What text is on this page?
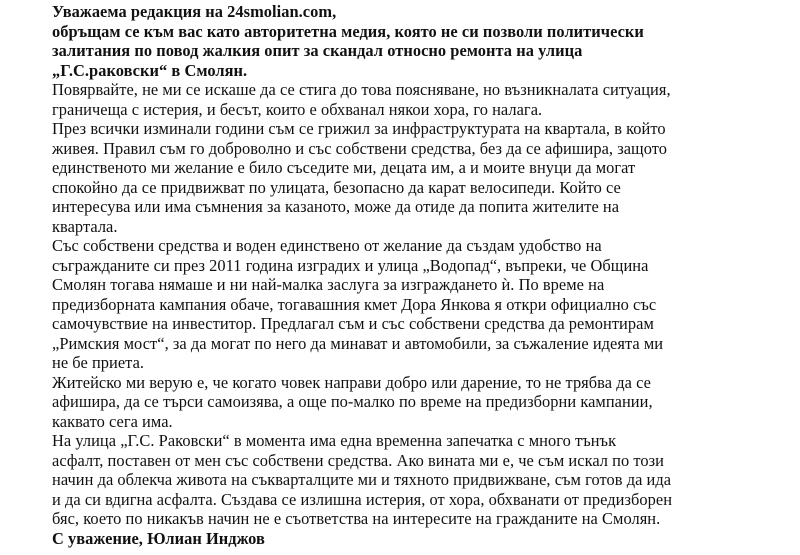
Уважаема редакция на 24smolian.com,
обръщам се към вас като авторитетна медия, която не си позволи политически
залитания по повод жалкия опит за скандал относно ремонта на улица
„Г.С.раковски“ в Смолян.
Повярвайте, не ми се искаше да се стига до това поясняване, но възникналата ситуация,
граничеща с истерия, и бесът, които е обхванал някои хора, го налага.
През всички изминали години съм се грижил за инфраструктурата на квартала, в който
живея. Правил съм го доброволно и със собствени средства, без да се афишира, защото
единственото ми желание е било съседите ми, децата им, а и моите внуци да могат
спокойно да се придвижват по улицата, безопасно да карат велосипеди. Който се
интересува или има съмнения за казаното, може да отиде да попита жителите на
квартала.
Със собствени средства и воден единствено от желание да създам удобство на
съгражданите си през 2011 година изградих и улица „Водопад“, въпреки, че Община
Смолян тогава нямаше и ни най-малка заслуга за изграждането ѝ. По време на
предизборната кампания обаче, тогавашния кмет Дора Янкова я откри официално със
самочувствие на инвеститор. Предлагал съм и със собствени средства да ремонтирам
„Римския мост“, за да могат по него да минават и автомобили, за съжаление идеята ми
не бе приета.
Житейско ми верую е, че когато човек направи добро или дарение, то не трябва да се
афишира, да се търси самоизява, а още по-малко по време на предизборни кампании,
каквато сега има.
На улица „Г.С. Раковски“ в момента има една временна запечатка с много тънък
асфалт, поставен от мен със собствени средства. Ако вината ми е, че съм искал по този
начин да облекча живота на съкварталците ми и тяхното придвижване, съм готов да ида
и да си вдигна асфалта. Създава се излишна истерия, от хора, обхванати от предизборен
бяс, което по никакъв начин не е съответства на интересите на гражданите на Смолян.
С уважение, Юлиан Инджов
